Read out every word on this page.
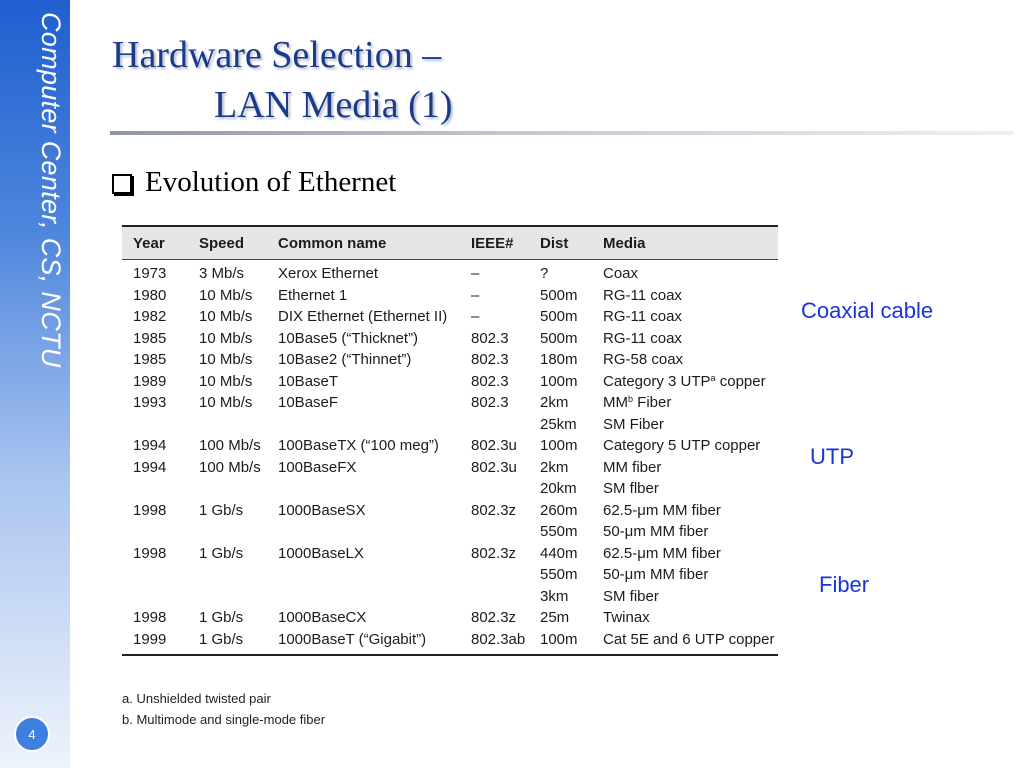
Computer Center, CS, NCTU
4
Hardware Selection –
LAN Media (1)
Evolution of Ethernet
Year	Speed	Common name	IEEE#	Dist	Media
1973	3 Mb/s	Xerox Ethernet	–	?	Coax
1980	10 Mb/s	Ethernet 1	–	500m	RG-11 coax
1982	10 Mb/s	DIX Ethernet (Ethernet II)	–	500m	RG-11 coax
1985	10 Mb/s	10Base5 (“Thicknet”)	802.3	500m	RG-11 coax
1985	10 Mb/s	10Base2 (“Thinnet”)	802.3	180m	RG-58 coax
1989	10 Mb/s	10BaseT	802.3	100m	Category 3 UTP$^a$ copper
1993	10 Mb/s	10BaseF	802.3	2km	$MM^b$ Fiber
				25km	SM Fiber
1994	100 Mb/s	100BaseTX (“100 meg”)	802.3u	100m	Category 5 UTP copper
1994	100 Mb/s	100BaseFX	802.3u	2km	MM fiber
				20km	SM flber
1998	1 Gb/s	1000BaseSX	802.3z	260m	62.5-μm MM fiber
				550m	50-μm MM fiber
1998	1 Gb/s	1000BaseLX	802.3z	440m	62.5-μm MM fiber
				550m	50-μm MM fiber
				3km	SM fiber
1998	1 Gb/s	1000BaseCX	802.3z	25m	Twinax
1999	1 Gb/s	1000BaseT (“Gigabit”)	802.3ab	100m	Cat 5E and 6 UTP copper
a. Unshielded twisted pair
b. Multimode and single-mode fiber
Coaxial cable
UTP
Fiber
